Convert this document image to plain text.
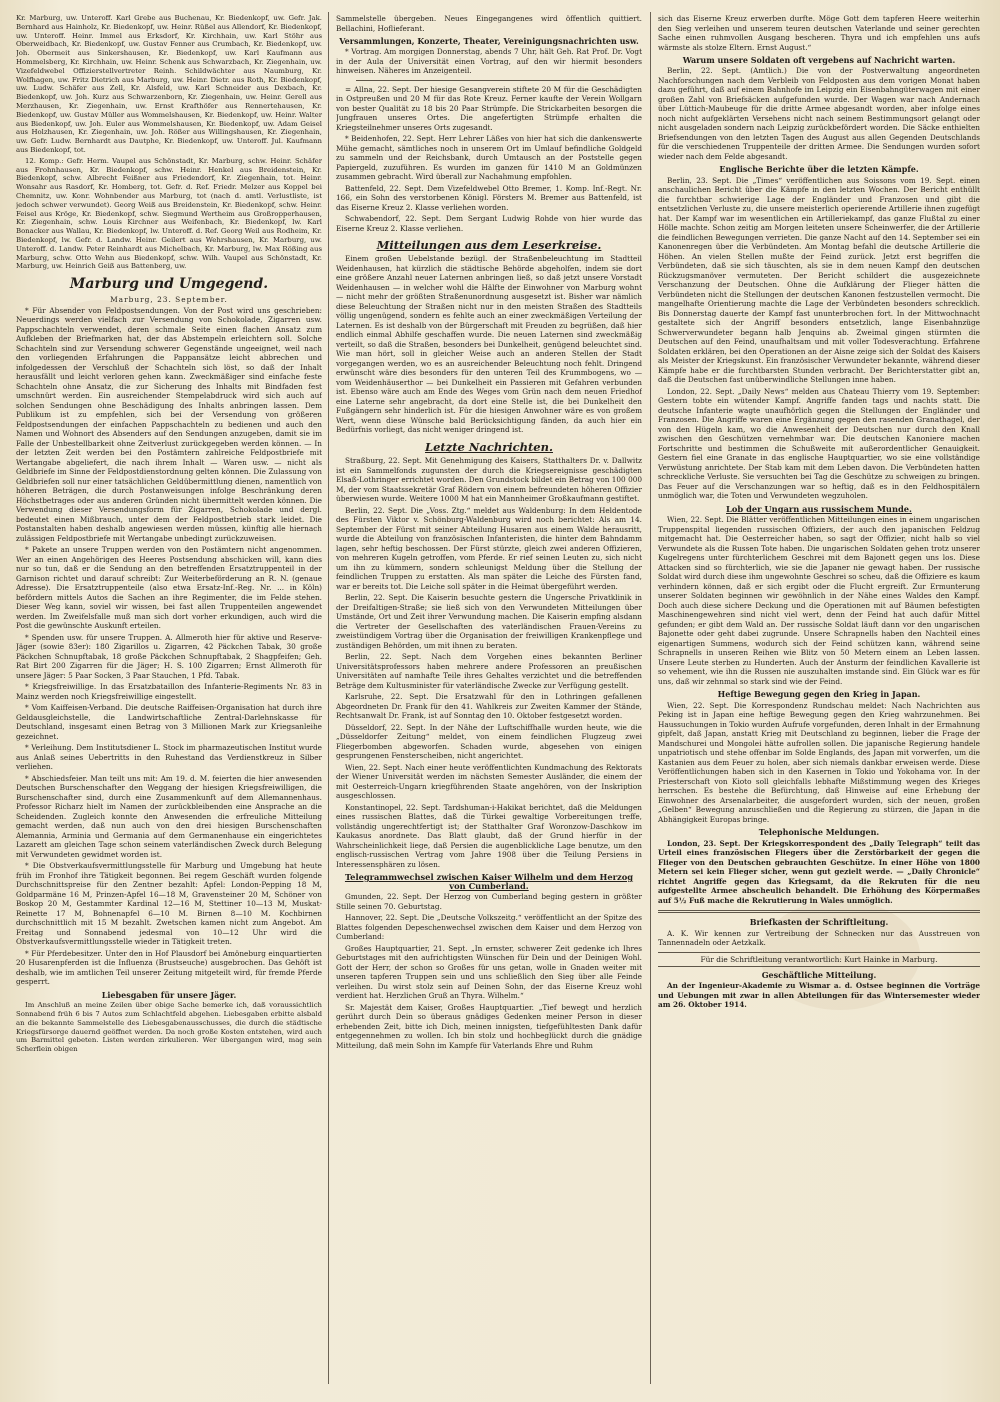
Kr. Marburg, uw. Unteroff. Karl Grebe aus Buchenau, Kr. Biedenkopf, uw. Gefr. Jak. Bernhard aus Hainholz, Kr. Biedenkopf, uw. Heinr. Rüßel aus Allendorf, Kr. Biedenkopf, uw. Unteroff. Heinr. Immel aus Erksdorf, Kr. Kirchhain, uw. Karl Stöhr aus Oberweidbach, Kr. Biedenkopf, uw. Gustav Fenner aus Crumbach, Kr. Biedenkopf, uw. Joh. Obermeit aus Sinkershausen, Kr. Biedenkopf, uw. Karl Kaufmann aus Hommelsberg, Kr. Kirchhain, uw. Heinr. Schenk aus Schwarzbach, Kr. Ziegenhain, uw. Vizefeldwebel Offizierstellvertreter Reinh. Schildwächter aus Naumburg, Kr. Wolfhagen, uw. Fritz Dietrich aus Marburg, uw. Heinr. Dietr. aus Roth, Kr. Biedenkopf, uw. Ludw. Schäfer aus Zell, Kr. Alsfeld, uw. Karl Schneider aus Dexbach, Kr. Biedenkopf, uw. Joh. Kurz aus Schwarzenborn, Kr. Ziegenhain, uw. Heinr. Gerell aus Merzhausen, Kr. Ziegenhain, uw. Ernst Krafthöfer aus Rennertehausen, Kr. Biedenkopf, uw. Gustav Müller aus Wommelshausen, Kr. Biedenkopf, uw. Heinr. Walter aus Biedenkopf, uw. Joh. Euler aus Wommelshausen, Kr. Biedenkopf, uw. Adam Geisel aus Holzhausen, Kr. Ziegenhain, uw. Joh. Rößer aus Willingshausen, Kr. Ziegenhain, uw. Gefr. Ludw. Bernhardt aus Dautphe, Kr. Biedenkopf, uw. Unteroff. Jul. Kaufmann aus Biedenkopf, tot.

12. Komp.: Gefr. Herm. Vaupel aus Schönstadt, Kr. Marburg, schw. Heinr. Schäfer aus Frohnhausen, Kr. Biedenkopf, schw. Heinr. Henkel aus Breidenstein, Kr. Biedenkopf, schw. Albrecht Feißner aus Friedendorf, Kr. Ziegenhain, tot. Heinr. Wonsahr aus Rasdorf, Kr. Homberg, tot. Gefr. d. Ref. Friedr. Melzer aus Koppel bei Chemnitz, uw. Konr. Wohnbender aus Marburg, tot (nach d. amtl. Verlustliste, ist jedoch schwer verwundet). Georg Weiß aus Breidenstein, Kr. Biedenkopf, schw. Heinr. Feisel aus Kröge, Kr. Biedenkopf, schw. Siegmund Wertheim aus Großropperhausen, Kr. Ziegenhain, schw. Louis Kirchner aus Weifenbach, Kr. Biedenkopf, lw. Karl Bonacker aus Wallau, Kr. Biedenkopf, lw. Unteroff. d. Ref. Georg Weil aus Rodheim, Kr. Biedenkopf, lw. Gefr. d. Landw. Heinr. Geilert aus Wehrshausen, Kr. Marburg, uw. Unteroff. d. Landw. Peter Reinhardt aus Michelbach, Kr. Marburg, lw. Max Rößing aus Marburg, schw. Otto Wehn aus Biedenkopf, schw. Wilh. Vaupel aus Schönstadt, Kr. Marburg, uw. Heinrich Geiß aus Battenberg, uw.

Marburg und Umgegend.
Marburg, 23. September.

* Für Absender von Feldpostsendungen. Von der Post wird uns geschrieben: Neuerdings werden vielfach zur Versendung von Schokolade, Zigarren usw. Pappschachteln verwendet, deren schmale Seite einen flachen Ansatz zum Aufkleben der Briefmarken hat, der das Abstempeln erleichtern soll. Solche Schachteln sind zur Versendung schwerer Gegenstände ungeeignet, weil nach den vorliegenden Erfahrungen die Pappansätze leicht abbrechen und infolgedessen der Verschluß der Schachteln sich löst, so daß der Inhalt herausfällt und leicht verloren gehen kann. Zweckmäßiger sind einfache feste Schachteln ohne Ansatz, die zur Sicherung des Inhalts mit Bindfaden fest umschnürt werden. Ein ausreichender Stempelabdruck wird sich auch auf solchen Sendungen ohne Beschädigung des Inhalts anbringen lassen. Dem Publikum ist zu empfehlen, sich bei der Versendung von größeren Feldpostsendungen der einfachen Pappschachteln zu bedienen und auch den Namen und Wohnort des Absenders auf den Sendungen anzugeben, damit sie im Falle der Unbestellbarkeit ohne Zeitverlust zurückgegeben werden können. — In der letzten Zeit werden bei den Postämtern zahlreiche Feldpostbriefe mit Wertangabe abgeliefert, die nach ihrem Inhalt — Waren usw. — nicht als Geldbriefe im Sinne der Feldpostdienstordnung gelten können. Die Zulassung von Geldbriefen soll nur einer tatsächlichen Geldübermittlung dienen, namentlich von höheren Beträgen, die durch Postanweisungen infolge Beschränkung deren Höchstbetrages oder aus anderen Gründen nicht übermittelt werden können. Die Verwendung dieser Versendungsform für Zigarren, Schokolade und dergl. bedeutet einen Mißbrauch, unter dem der Feldpostbetrieb stark leidet. Die Postanstalten haben deshalb angewiesen werden müssen, künftig alle hiernach zulässigen Feldpostbriefe mit Wertangabe unbedingt zurückzuweisen.

* Pakete an unsere Truppen werden von den Postämtern nicht angenommen. Wer an einen Angehörigen des Heeres Postsendung abschicken will, kann dies nur so tun, daß er die Sendung an den betreffenden Ersatztruppenteil in der Garnison richtet und darauf schreibt: Zur Weiterbeförderung an R. N. (genaue Adresse). Die Ersatztruppenteile (also etwa Ersatz-Inf.-Reg. Nr. ... in Köln) befördern mittels Autos die Sachen an ihre Regimenter, die im Felde stehen. Dieser Weg kann, soviel wir wissen, bei fast allen Truppenteilen angewendet werden. Im Zweifelsfalle muß man sich dort vorher erkundigen, auch wird die Post die gewünschte Auskunft erteilen.

* Spenden usw. für unsere Truppen. A. Allmeroth hier für aktive und Reserve-Jäger (sowie 83er): 180 Zigarillos u. Zigarren, 42 Päckchen Tabak, 30 große Päckchen Schnupftabak, 18 große Päckchen Schnupftabak, 2 Shagpfeifen; Geh. Rat Birt 200 Zigarren für die Jäger; H. S. 100 Zigarren; Ernst Allmeroth für unsere Jäger: 5 Paar Socken, 3 Paar Stauchen, 1 Pfd. Tabak.

* Kriegsfreiwillige. In das Ersatzbataillon des Infanterie-Regiments Nr. 83 in Mainz werden noch Kriegsfreiwillige eingestellt.

* Vom Kaiffeisen-Verband. Die deutsche Raiffeisen-Organisation hat durch ihre Geldausgleichstelle, die Landwirtschaftliche Zentral-Darlehnskasse für Deutschland, insgesamt einen Betrag von 3 Millionen Mark zur Kriegsanleihe gezeichnet.

* Verleihung. Dem Institutsdiener L. Stock im pharmazeutischen Institut wurde aus Anlaß seines Uebertritts in den Ruhestand das Verdienstkreuz in Silber verliehen.

* Abschiedsfeier. Man teilt uns mit: Am 19. d. M. feierten die hier anwesenden Deutschen Burschenschafter den Weggang der hiesigen Kriegsfreiwilligen, die Burschenschafter sind, durch eine Zusammenkunft auf dem Allemannenhaus. Professor Richarz hielt im Namen der zurückbleibenden eine Ansprache an die Scheidenden. Zugleich konnte den Anwesenden die erfreuliche Mitteilung gemacht werden, daß nun auch von den drei hiesigen Burschenschaften Alemannia, Arminia und Germania auf dem Germanenhause ein eingerichtetes Lazarett am gleichen Tage schon seinem vaterländischen Zweck durch Belegung mit Verwundeten gewidmet worden ist.

* Die Obstverkaufsvermittlungsstelle für Marburg und Umgebung hat heute früh im Fronhof ihre Tätigkeit begonnen. Bei regem Geschäft wurden folgende Durchschnittspreise für den Zentner bezahlt: Apfel: London-Pepping 18 M, Goldparmäne 16 M, Prinzen-Apfel 16—18 M, Gravensteiner 20 M, Schöner von Boskop 20 M, Gestammter Kardinal 12—16 M, Stettiner 10—13 M, Muskat-Reinette 17 M, Bohnenapfel 6—10 M. Birnen 8—10 M. Kochbirnen durchschnittlich mit 15 M bezahlt. Zwetschen kamen nicht zum Angebot. Am Freitag und Sonnabend jedesmal von 10—12 Uhr wird die Obstverkaufsvermittlungsstelle wieder in Tätigkeit treten.

* Für Pferdebesitzer. Unter den in Hof Plausdorf bei Amöneburg einquartierten 20 Husarenpferden ist die Influenza (Brustseuche) ausgebrochen. Das Gehöft ist deshalb, wie im amtlichen Teil unserer Zeitung mitgeteilt wird, für fremde Pferde gesperrt.

Liebesgaben für unsere Jäger.

Im Anschluß an meine Zeilen über obige Sache bemerke ich, daß voraussichtlich Sonnabend früh 6 bis 7 Autos zum Schlachtfeld abgehen. Liebesgaben erbitte alsbald an die bekannte Sammelstelle des Liebesgabenausschusses, die durch die städtische Kriegsfürsorge dauernd geöffnet werden. Da noch große Kosten entstehen, wird auch um Barmittel gebeten. Listen werden zirkulieren. Wer übergangen wird, mag sein Scherflein obigen

Sammelstelle übergeben. Neues Eingegangenes wird öffentlich quittiert. Bellachini, Hoflieferant.

Versammlungen, Konzerte, Theater, Vereinigungsnachrichten usw.

* Vortrag. Am morgigen Donnerstag, abends 7 Uhr, hält Geh. Rat Prof. Dr. Vogt in der Aula der Universität einen Vortrag, auf den wir hiermit besonders hinweisen. Näheres im Anzeigenteil.

= Allna, 22. Sept. Der hiesige Gesangverein stiftete 20 M für die Geschädigten in Ostpreußen und 20 M für das Rote Kreuz. Ferner kaufte der Verein Wollgarn von bester Qualität zu 18 bis 20 Paar Strümpfe. Die Strickarbeiten besorgen die Jungfrauen unseres Ortes. Die angefertigten Strümpfe erhalten die Kriegsteilnehmer unseres Orts zugesandt.

* Beidenhofen, 22. Sept. Herr Lehrer Läßes von hier hat sich die dankenswerte Mühe gemacht, sämtliches noch in unserem Ort im Umlauf befindliche Goldgeld zu sammeln und der Reichsbank, durch Umtausch an der Poststelle gegen Papiergeld, zuzuführen. Es wurden im ganzen für 1410 M an Goldmünzen zusammen gebracht. Wird überall zur Nachahmung empfohlen.

Battenfeld, 22. Sept. Dem Vizefeldwebel Otto Bremer, 1. Komp. Inf.-Regt. Nr. 166, ein Sohn des verstorbenen Königl. Försters M. Bremer aus Battenfeld, ist das Eiserne Kreuz 2. Klasse verliehen worden.

Schwabendorf, 22. Sept. Dem Sergant Ludwig Rohde von hier wurde das Eiserne Kreuz 2. Klasse verliehen.

Mitteilungen aus dem Leserkreise.

Einem großen Uebelstande bezügl. der Straßenbeleuchtung im Stadtteil Weidenhausen, hat kürzlich die städtische Behörde abgeholfen, indem sie dort eine größere Anzahl neuer Laternen anbringen ließ, so daß jetzt unsere Vorstadt Weidenhausen — in welcher wohl die Hälfte der Einwohner von Marburg wohnt — nicht mehr der größten Straßenunordnung ausgesetzt ist. Bisher war nämlich diese Beleuchtung der Straßen nicht nur in den meisten Straßen des Stadtteils völlig ungenügend, sondern es fehlte auch an einer zweckmäßigen Verteilung der Laternen. Es ist deshalb von der Bürgerschaft mit Freuden zu begrüßen, daß hier endlich einmal Abhilfe geschaffen wurde. Die neuen Laternen sind zweckmäßig verteilt, so daß die Straßen, besonders bei Dunkelheit, genügend beleuchtet sind. Wie man hört, soll in gleicher Weise auch an anderen Stellen der Stadt vorgegangen werden, wo es an ausreichender Beleuchtung noch fehlt. Dringend erwünscht wäre dies besonders für den unteren Teil des Krummbogens, wo — vom Weidenhäuserthor — bei Dunkelheit ein Passieren mit Gefahren verbunden ist. Ebenso wäre auch am Ende des Weges vom Grün nach dem neuen Friedhof eine Laterne sehr angebracht, da dort eine Stelle ist, die bei Dunkelheit den Fußgängern sehr hinderlich ist. Für die hiesigen Anwohner wäre es von großem Wert, wenn diese Wünsche bald Berücksichtigung fänden, da auch hier ein Bedürfnis vorliegt, das nicht weniger dringend ist.

Letzte Nachrichten.

Straßburg, 22. Sept. Mit Genehmigung des Kaisers, Statthalters Dr. v. Dallwitz ist ein Sammelfonds zugunsten der durch die Kriegsereignisse geschädigten Elsaß-Lothringer errichtet worden. Den Grundstock bildet ein Betrag von 100 000 M, der vom Staatssekretär Graf Rödern von einem befreundeten höheren Offizier überwiesen wurde. Weitere 1000 M hat ein Mannheimer Großkaufmann gestiftet.

Berlin, 22. Sept. Die „Voss. Ztg.“ meldet aus Waldenburg: In dem Heldentode des Fürsten Viktor v. Schönburg-Waldenburg wird noch berichtet: Als am 14. September der Fürst mit seiner Abteilung Husaren aus einem Walde herausritt, wurde die Abteilung von französischen Infanteristen, die hinter dem Bahndamm lagen, sehr heftig beschossen. Der Fürst stürzte, gleich zwei anderen Offizieren, von mehreren Kugeln getroffen, vom Pferde. Er rief seinen Leuten zu, sich nicht um ihn zu kümmern, sondern schleunigst Meldung über die Stellung der feindlichen Truppen zu erstatten. Als man später die Leiche des Fürsten fand, war er bereits tot. Die Leiche soll später in die Heimat übergeführt werden.

Berlin, 22. Sept. Die Kaiserin besuchte gestern die Ungersche Privatklinik in der Dreifaltigen-Straße; sie ließ sich von den Verwundeten Mitteilungen über Umstände, Ort und Zeit ihrer Verwundung machen. Die Kaiserin empfing alsdann die Vertreter der Gesellschaften des vaterländischen Frauen-Vereins zu zweistündigem Vortrag über die Organisation der freiwilligen Krankenpflege und zuständigen Behörden, um mit ihnen zu beraten.

Berlin, 22. Sept. Nach dem Vorgehen eines bekannten Berliner Universitätsprofessors haben mehrere andere Professoren an preußischen Universitäten auf namhafte Teile ihres Gehaltes verzichtet und die betreffenden Beträge dem Kultusminister für vaterländische Zwecke zur Verfügung gestellt.

Karlsruhe, 22. Sept. Die Ersatzwahl für den in Lothringen gefallenen Abgeordneten Dr. Frank für den 41. Wahlkreis zur Zweiten Kammer der Stände, Rechtsanwalt Dr. Frank, ist auf Sonntag den 10. Oktober festgesetzt worden.

Düsseldorf, 22. Sept. In der Nähe der Luftschiffhalle wurden heute, wie die „Düsseldorfer Zeitung“ meldet, von einem feindlichen Flugzeug zwei Fliegerbomben abgeworfen. Schaden wurde, abgesehen von einigen gesprungenen Fensterscheiben, nicht angerichtet.

Wien, 22. Sept. Nach einer heute veröffentlichten Kundmachung des Rektorats der Wiener Universität werden im nächsten Semester Ausländer, die einem der mit Oesterreich-Ungarn kriegführenden Staate angehören, von der Inskription ausgeschlossen.

Konstantinopel, 22. Sept. Tardshuman-i-Hakikat berichtet, daß die Meldungen eines russischen Blattes, daß die Türkei gewaltige Vorbereitungen treffe, vollständig ungerechtfertigt ist; der Statthalter Graf Woronzow-Daschkow im Kaukasus anordnete. Das Blatt glaubt, daß der Grund hierfür in der Wahrscheinlichkeit liege, daß Persien die augenblickliche Lage benutze, um den englisch-russischen Vertrag vom Jahre 1908 über die Teilung Persiens in Interessensphären zu lösen.

Telegrammwechsel zwischen Kaiser Wilhelm und dem Herzog von Cumberland.

Gmunden, 22. Sept. Der Herzog von Cumberland beging gestern in größter Stille seinen 70. Geburtstag.

Hannover, 22. Sept. Die „Deutsche Volkszeitg.“ veröffentlicht an der Spitze des Blattes folgenden Depeschenwechsel zwischen dem Kaiser und dem Herzog von Cumberland:

Großes Hauptquartier, 21. Sept. „In ernster, schwerer Zeit gedenke ich Ihres Geburtstages mit den aufrichtigsten Wünschen für Dein und der Deinigen Wohl. Gott der Herr, der schon so Großes für uns getan, wolle in Gnaden weiter mit unseren tapferen Truppen sein und uns schließlich den Sieg über alle Feinde verleihen. Du wirst stolz sein auf Deinen Sohn, der das Eiserne Kreuz wohl verdient hat. Herzlichen Gruß an Thyra. Wilhelm.“

Sr. Majestät dem Kaiser, Großes Hauptquartier. „Tief bewegt und herzlich gerührt durch Dein so überaus gnädiges Gedenken meiner Person in dieser erhebenden Zeit, bitte ich Dich, meinen innigsten, tiefgefühltesten Dank dafür entgegennehmen zu wollen. Ich bin stolz und hochbeglückt durch die gnädige Mitteilung, daß mein Sohn im Kampfe für Vaterlands Ehre und Ruhm

sich das Eiserne Kreuz erwerben durfte. Möge Gott dem tapferen Heere weiterhin den Sieg verleihen und unserem teuren deutschen Vaterlande und seiner gerechten Sache einen ruhmvollen Ausgang bescheren. Thyra und ich empfehlen uns aufs wärmste als stolze Eltern. Ernst August.“

Warum unsere Soldaten oft vergebens auf Nachricht warten.

Berlin, 22. Sept. (Amtlich.) Die von der Postverwaltung angeordneten Nachforschungen nach dem Verbleib von Feldposten aus dem vorigen Monat haben dazu geführt, daß auf einem Bahnhofe im Leipzig ein Eisenbahngüterwagen mit einer großen Zahl von Briefsäcken aufgefunden wurde. Der Wagen war nach Andernach über Lüttich-Maubeuge für die dritte Armee abgesandt worden, aber infolge eines noch nicht aufgeklärten Versehens nicht nach seinem Bestimmungsort gelangt oder nicht ausgeladen sondern nach Leipzig zurückbefördert worden. Die Säcke enthielten Briefsendungen von den letzten Tagen des August aus allen Gegenden Deutschlands für die verschiedenen Truppenteile der dritten Armee. Die Sendungen wurden sofort wieder nach dem Felde abgesandt.

Englische Berichte über die letzten Kämpfe.

Berlin, 23. Sept. Die „Times“ veröffentlichen aus Soissons vom 19. Sept. einen anschaulichen Bericht über die Kämpfe in den letzten Wochen. Der Bericht enthüllt die furchtbar schwierige Lage der Engländer und Franzosen und gibt die entsetzlichen Verluste zu, die unsere meisterlich operierende Artillerie ihnen zugefügt hat. Der Kampf war im wesentlichen ein Artilleriekampf, das ganze Flußtal zu einer Hölle machte. Schon zeitig am Morgen leiteten unsere Scheinwerfer, die der Artillerie die feindlichen Bewegungen verrieten. Die ganze Nacht auf den 14. September sei ein Kanonenregen über die Verbündeten. Am Montag befahl die deutsche Artillerie die Höhen. An vielen Stellen mußte der Feind zurück. Jetzt erst begriffen die Verbündeten, daß sie sich täuschten, als sie in dem neuen Kampf den deutschen Rückzugsmanöver vermuteten. Der Bericht schildert die ausgezeichnete Verschanzung der Deutschen. Ohne die Aufklärung der Flieger hätten die Verbündeten nicht die Stellungen der deutschen Kanonen festzustellen vermocht. Die mangelhafte Orientierung machte die Lage der Verbündeten besonders schrecklich. Bis Donnerstag dauerte der Kampf fast ununterbrochen fort. In der Mittwochnacht gestaltete sich der Angriff besonders entsetzlich, lange Eisenbahnzüge Schwerverwundeter begann halb Jenquins ab. Zweimal gingen stürmten die Deutschen auf den Feind, unaufhaltsam und mit voller Todesverachtung. Erfahrene Soldaten erklären, bei den Operationen an der Aisne zeige sich der Soldat des Kaisers als Meister der Kriegskunst. Ein französischer Verwundeter bekannte, während dieser Kämpfe habe er die furchtbarsten Stunden verbracht. Der Berichterstatter gibt an, daß die Deutschen fast unüberwindliche Stellungen inne haben.

London, 22. Sept. „Daily News“ melden aus Chateau Thierry vom 19. September: Gestern tobte ein wütender Kampf. Angriffe fanden tags und nachts statt. Die deutsche Infanterie wagte unaufhörlich gegen die Stellungen der Engländer und Franzosen. Die Angriffe waren eine Ergänzung gegen den rasenden Granathagel, der von den Hügeln kam, wo die Anwesenheit der Deutschen nur durch den Knall zwischen den Geschützen vernehmbar war. Die deutschen Kanoniere machen Fortschritte und bestimmen die Schußweite mit außerordentlicher Genauigkeit. Gestern fiel eine Granate in das englische Hauptquartier, wo sie eine vollständige Verwüstung anrichtete. Der Stab kam mit dem Leben davon. Die Verbündeten hatten schreckliche Verluste. Sie versuchten bei Tag die Geschütze zu schweigen zu bringen. Das Feuer auf die Verschanzungen war so heftig, daß es in den Feldhospitälern unmöglich war, die Toten und Verwundeten wegzuholen.

Lob der Ungarn aus russischem Munde.

Wien, 22. Sept. Die Blätter veröffentlichen Mitteilungen eines in einem ungarischen Truppenspital liegenden russischen Offiziers, der auch den japanischen Feldzug mitgemacht hat. Die Oesterreicher haben, so sagt der Offizier, nicht halb so viel Verwundete als die Russen Tote haben. Die ungarischen Soldaten gehen trotz unserer Kugelregens unter fürchterlichem Geschrei mit dem Bajonett gegen uns los. Diese Attacken sind so fürchterlich, wie sie die Japaner nie gewagt haben. Der russische Soldat wird durch diese ihm ungewohnte Geschrei so scheu, daß die Offiziere es kaum verhindern können, daß er sich ergibt oder die Flucht ergreift. Zur Ermunterung unserer Soldaten beginnen wir gewöhnlich in der Nähe eines Waldes den Kampf. Doch auch diese sichere Deckung und die Operationen mit auf Bäumen befestigten Maschinengewehren sind nicht viel wert, denn der Feind hat auch dafür Mittel gefunden; er gibt dem Wald an. Der russische Soldat läuft dann vor den ungarischen Bajonette oder geht dabei zugrunde. Unsere Schrapnells haben den Nachteil eines eigenartigen Summens, wodurch sich der Feind schützen kann, während seine Schrapnells in unseren Reihen wie Blitz von 50 Metern einem an Leben lassen. Unsere Leute sterben zu Hunderten. Auch der Ansturm der feindlichen Kavallerie ist so vehement, wie ihn die Russen nie auszuhalten imstande sind. Ein Glück war es für uns, daß wir zehnmal so stark sind wie der Feind.

Heftige Bewegung gegen den Krieg in Japan.

Wien, 22. Sept. Die Korrespondenz Rundschau meldet: Nach Nachrichten aus Peking ist in Japan eine heftige Bewegung gegen den Krieg wahrzunehmen. Bei Haussuchungen in Tokio wurden Aufrufe vorgefunden, deren Inhalt in der Ermahnung gipfelt, daß Japan, anstatt Krieg mit Deutschland zu beginnen, lieber die Frage der Mandschurei und Mongolei hätte aufrollen sollen. Die japanische Regierung handele unpatriotisch und stehe offenbar im Solde Englands, des Japan mit vorwerfen, um die Kastanien aus dem Feuer zu holen, aber sich niemals dankbar erweisen werde. Diese Veröffentlichungen haben sich in den Kasernen in Tokio und Yokohama vor. In der Priesterschaft von Kioto soll gleichfalls lebhafte Mißstimmung wegen des Krieges herrschen. Es bestehe die Befürchtung, daß Hinweise auf eine Erhebung der Einwohner des Arsenalarbeiter, die ausgefordert wurden, sich der neuen, großen „Gelben“ Bewegung anzuschließen und die Regierung zu stürzen, die Japan in die Abhängigkeit Europas bringe.

Telephonische Meldungen.

London, 23. Sept. Der Kriegskorrespondent des „Daily Telegraph“ teilt das Urteil eines französischen Fliegers über die Zerstörbarkeit der gegen die Flieger von den Deutschen gebrauchten Geschütze. In einer Höhe von 1800 Metern sei kein Flieger sicher, wenn gut gezielt werde. — „Daily Chronicle“ richtet Angriffe gegen das Kriegsamt, da die Rekruten für die neu aufgestellte Armee abscheulich behandelt. Die Erhöhung des Körpermaßes auf 5½ Fuß mache die Rekrutierung in Wales unmöglich.

Briefkasten der Schriftleitung.

A. K. Wir kennen zur Vertreibung der Schnecken nur das Ausstreuen von Tannennadeln oder Aetzkalk.

Für die Schriftleitung verantwortlich: Kurt Hainke in Marburg.
Geschäftliche Mitteilung.

An der Ingenieur-Akademie zu Wismar a. d. Ostsee beginnen die Vorträge und Uebungen mit zwar in allen Abteilungen für das Wintersemester wieder am 26. Oktober 1914.
